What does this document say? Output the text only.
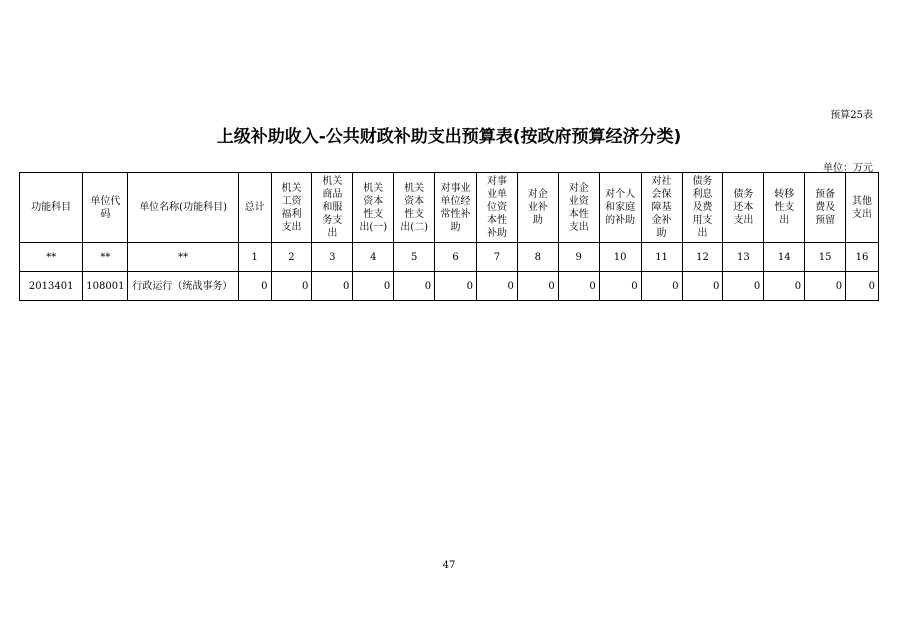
预算25表
上级补助收入-公共财政补助支出预算表(按政府预算经济分类)
单位：万元
功能科目	单位代码	单位名称(功能科目)	总计	机关工资福利支出	机关商品和服务支出	机关资本性支出(一)	机关资本性支出(二)	对事业单位经常性补助	对事业单位资本性补助	对企业补助	对企业资本性支出	对个人和家庭的补助	对社会保障基金补助	债务利息及费用支出	债务还本支出	转移性支出	预备费及预留	其他支出
**	**	**	1	2	3	4	5	6	7	8	9	10	11	12	13	14	15	16
2013401	108001	行政运行（统战事务）	0	0	0	0	0	0	0	0	0	0	0	0	0	0	0	0
47
